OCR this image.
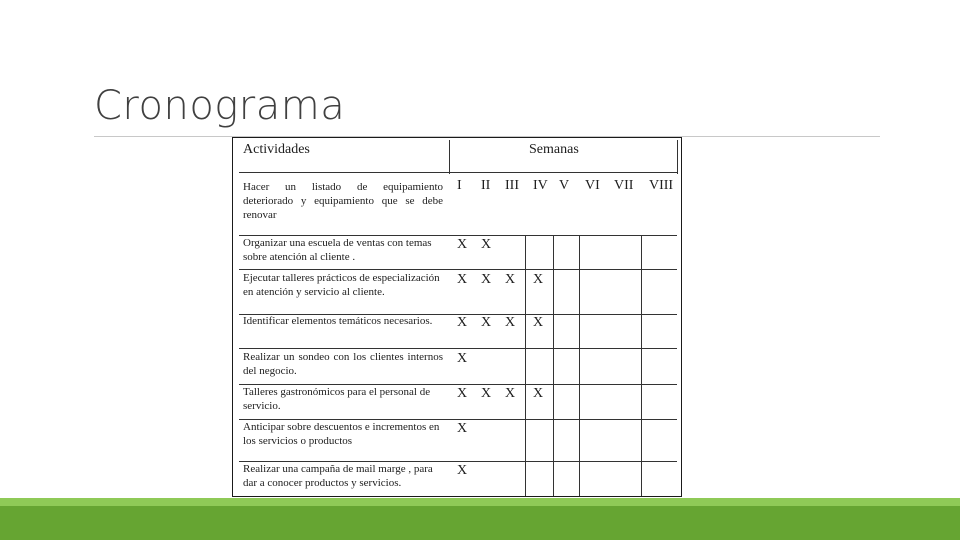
Cronograma
Actividades	Semanas
I II III IV V VI VII VIII
Hacer un listado de equipamiento deteriorado y equipamiento que se debe renovar
Organizar una escuela de ventas con temas sobre atención al cliente .
X X
Ejecutar talleres prácticos de especialización en atención y servicio al cliente.
X X X X
Identificar elementos temáticos necesarios.	X X X X
Realizar un sondeo con los clientes internos del negocio.
X
Talleres gastronómicos para el personal de servicio.
X X X X
Anticipar sobre descuentos e incrementos en los servicios o productos
X
Realizar una campaña de mail marge , para dar a conocer productos y servicios.
X
